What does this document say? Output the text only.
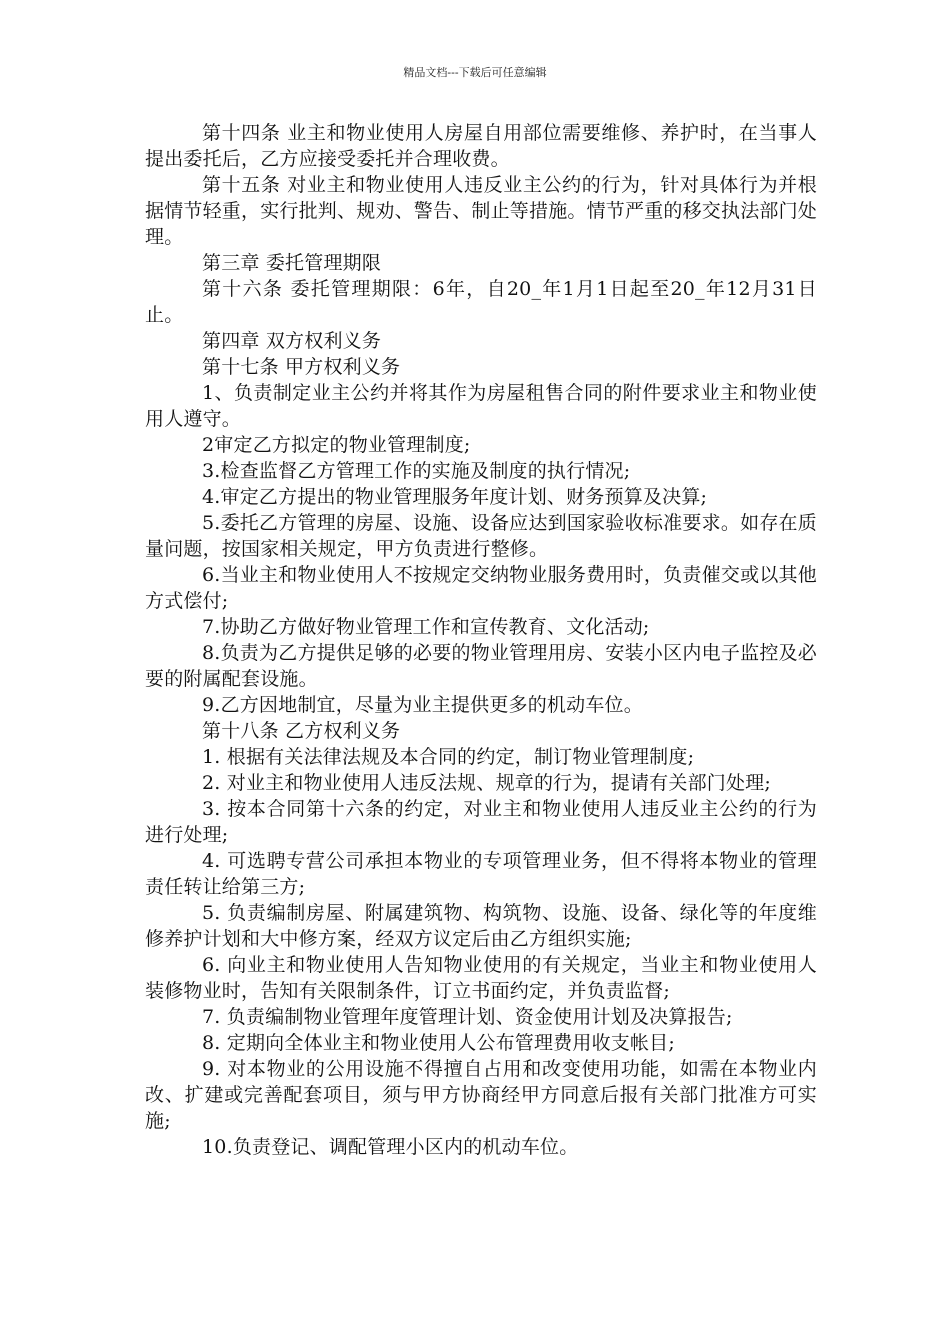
精品文档---下载后可任意编辑

第十四条 业主和物业使用人房屋自用部位需要维修、养护时，在当事人提出委托后，乙方应接受委托并合理收费。

第十五条 对业主和物业使用人违反业主公约的行为，针对具体行为并根据情节轻重，实行批判、规劝、警告、制止等措施。情节严重的移交执法部门处理。

第三章 委托管理期限

第十六条 委托管理期限：6年，自20_年1月1日起至20_年12月31日止。

第四章 双方权利义务

第十七条 甲方权利义务

1、负责制定业主公约并将其作为房屋租售合同的附件要求业主和物业使用人遵守。

2审定乙方拟定的物业管理制度;

3.检查监督乙方管理工作的实施及制度的执行情况;

4.审定乙方提出的物业管理服务年度计划、财务预算及决算;

5.委托乙方管理的房屋、设施、设备应达到国家验收标准要求。如存在质量问题，按国家相关规定，甲方负责进行整修。

6.当业主和物业使用人不按规定交纳物业服务费用时，负责催交或以其他方式偿付;

7.协助乙方做好物业管理工作和宣传教育、文化活动;

8.负责为乙方提供足够的必要的物业管理用房、安装小区内电子监控及必要的附属配套设施。

9.乙方因地制宜，尽量为业主提供更多的机动车位。

第十八条 乙方权利义务

1. 根据有关法律法规及本合同的约定，制订物业管理制度;

2. 对业主和物业使用人违反法规、规章的行为，提请有关部门处理;

3. 按本合同第十六条的约定，对业主和物业使用人违反业主公约的行为进行处理;

4. 可选聘专营公司承担本物业的专项管理业务，但不得将本物业的管理责任转让给第三方;

5. 负责编制房屋、附属建筑物、构筑物、设施、设备、绿化等的年度维修养护计划和大中修方案，经双方议定后由乙方组织实施;

6. 向业主和物业使用人告知物业使用的有关规定，当业主和物业使用人装修物业时，告知有关限制条件，订立书面约定，并负责监督;

7. 负责编制物业管理年度管理计划、资金使用计划及决算报告;

8. 定期向全体业主和物业使用人公布管理费用收支帐目;

9. 对本物业的公用设施不得擅自占用和改变使用功能，如需在本物业内改、扩建或完善配套项目，须与甲方协商经甲方同意后报有关部门批准方可实施;

10.负责登记、调配管理小区内的机动车位。
